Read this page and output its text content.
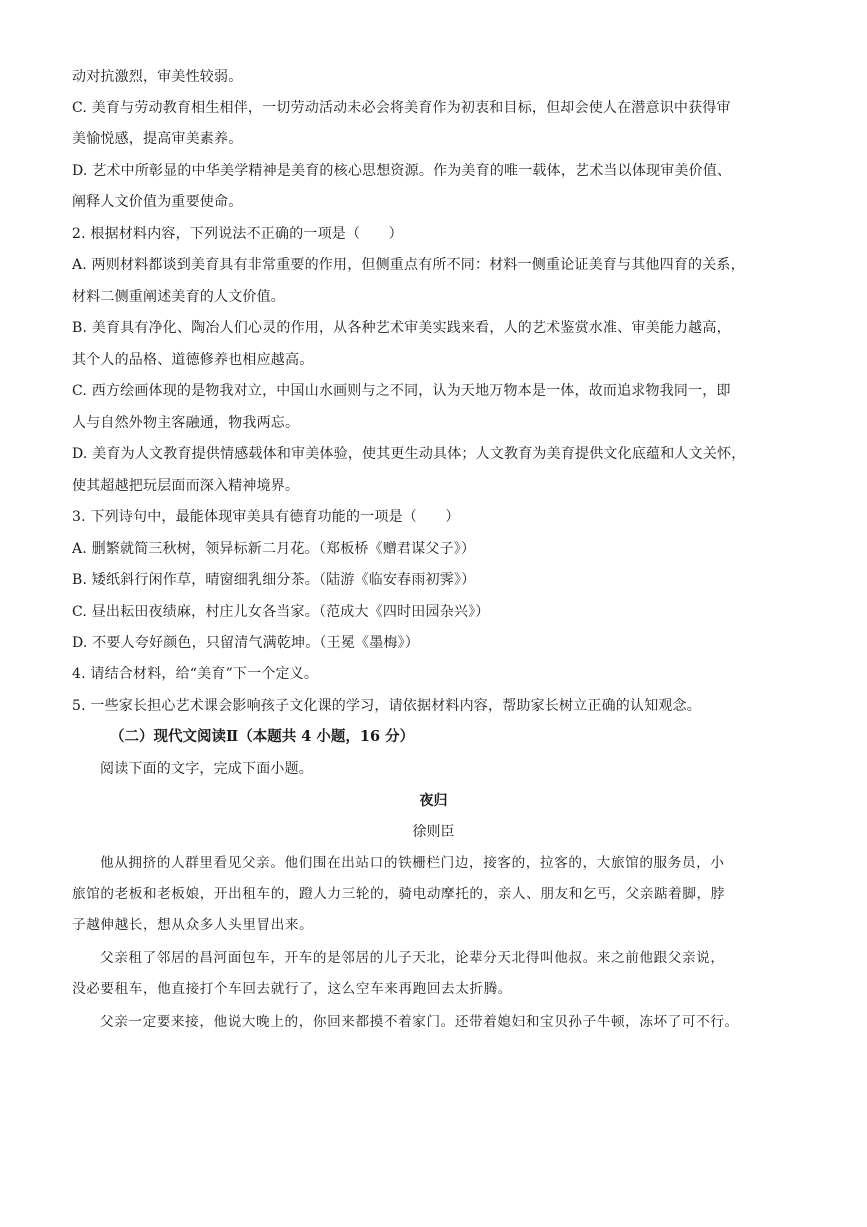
动对抗激烈，审美性较弱。
C. 美育与劳动教育相生相伴，一切劳动活动未必会将美育作为初衷和目标，但却会使人在潜意识中获得审
美愉悦感，提高审美素养。
D. 艺术中所彰显的中华美学精神是美育的核心思想资源。作为美育的唯一载体，艺术当以体现审美价值、
阐释人文价值为重要使命。
2. 根据材料内容，下列说法不正确的一项是（　　）
A. 两则材料都谈到美育具有非常重要的作用，但侧重点有所不同：材料一侧重论证美育与其他四育的关系，
材料二侧重阐述美育的人文价值。
B. 美育具有净化、陶冶人们心灵的作用，从各种艺术审美实践来看，人的艺术鉴赏水准、审美能力越高，
其个人的品格、道德修养也相应越高。
C. 西方绘画体现的是物我对立，中国山水画则与之不同，认为天地万物本是一体，故而追求物我同一，即
人与自然外物主客融通，物我两忘。
D. 美育为人文教育提供情感载体和审美体验，使其更生动具体；人文教育为美育提供文化底蕴和人文关怀，
使其超越把玩层面而深入精神境界。
3. 下列诗句中，最能体现审美具有德育功能的一项是（　　）
A. 删繁就简三秋树，领异标新二月花。（郑板桥《赠君谋父子》）
B. 矮纸斜行闲作草，晴窗细乳细分茶。（陆游《临安春雨初霁》）
C. 昼出耘田夜绩麻，村庄儿女各当家。（范成大《四时田园杂兴》）
D. 不要人夸好颜色，只留清气满乾坤。（王冕《墨梅》）
4. 请结合材料，给“美育”下一个定义。
5. 一些家长担心艺术课会影响孩子文化课的学习，请依据材料内容，帮助家长树立正确的认知观念。
（二）现代文阅读Ⅱ（本题共 4 小题，16 分）
阅读下面的文字，完成下面小题。
夜归
徐则臣
他从拥挤的人群里看见父亲。他们围在出站口的铁栅栏门边，接客的，拉客的，大旅馆的服务员，小
旅馆的老板和老板娘，开出租车的，蹬人力三轮的，骑电动摩托的，亲人、朋友和乞丐，父亲踮着脚，脖
子越伸越长，想从众多人头里冒出来。
父亲租了邻居的昌河面包车，开车的是邻居的儿子天北，论辈分天北得叫他叔。来之前他跟父亲说，
没必要租车，他直接打个车回去就行了，这么空车来再跑回去太折腾。
父亲一定要来接，他说大晚上的，你回来都摸不着家门。还带着媳妇和宝贝孙子牛顿，冻坏了可不行。
